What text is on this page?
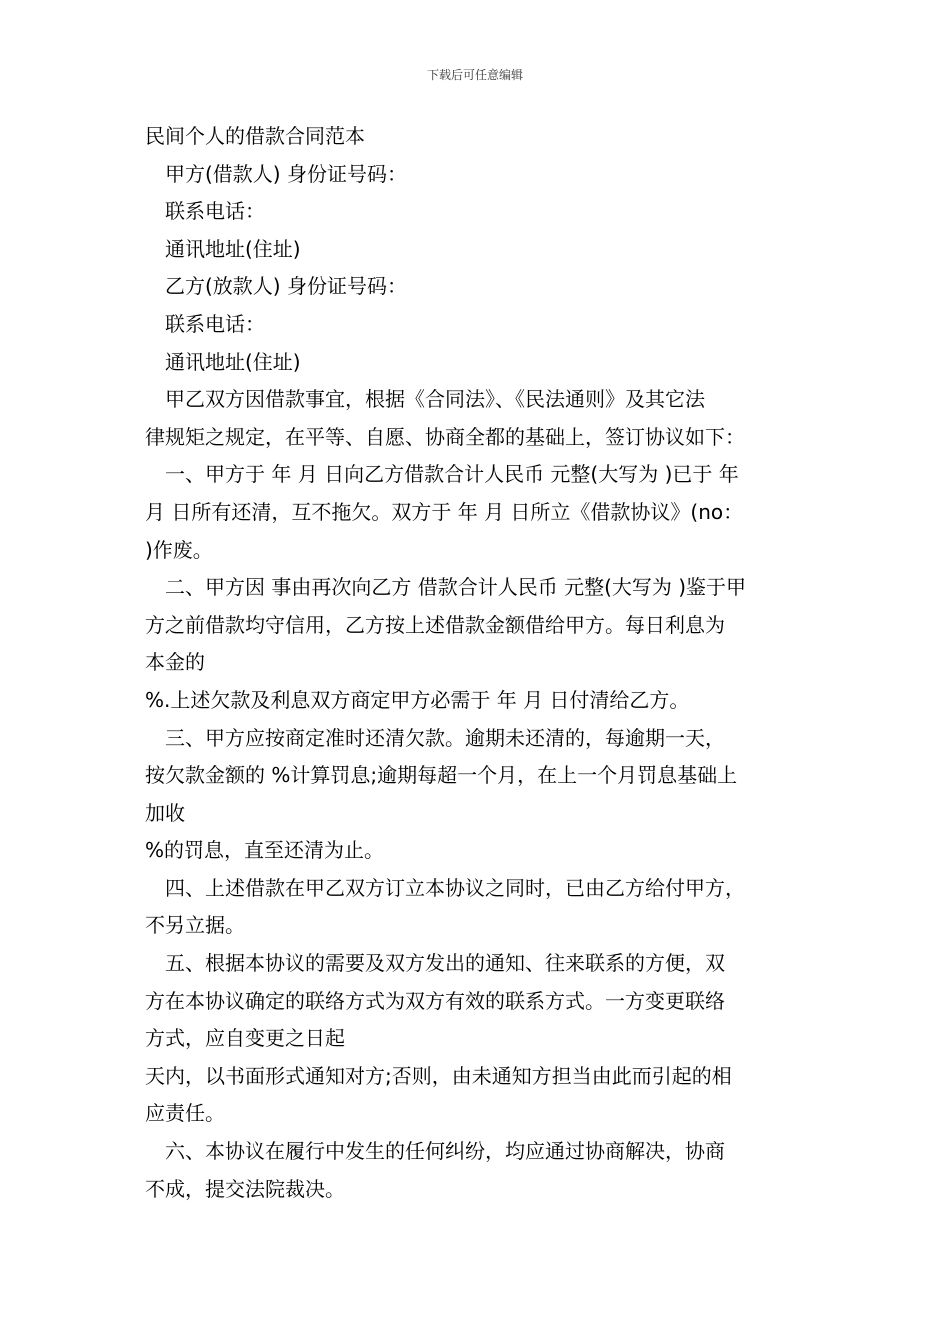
下载后可任意编辑
民间个人的借款合同范本
甲方(借款人) 身份证号码：
联系电话：
通讯地址(住址)
乙方(放款人) 身份证号码：
联系电话：
通讯地址(住址)
甲乙双方因借款事宜，根据《合同法》、《民法通则》及其它法
律规矩之规定，在平等、自愿、协商全都的基础上，签订协议如下：
一、甲方于 年 月 日向乙方借款合计人民币 元整(大写为 )已于 年
月 日所有还清，互不拖欠。双方于 年 月 日所立《借款协议》(no：
)作废。
二、甲方因 事由再次向乙方 借款合计人民币 元整(大写为 )鉴于甲
方之前借款均守信用，乙方按上述借款金额借给甲方。每日利息为
本金的
%.上述欠款及利息双方商定甲方必需于 年 月 日付清给乙方。
三、甲方应按商定准时还清欠款。逾期未还清的，每逾期一天，
按欠款金额的 %计算罚息;逾期每超一个月，在上一个月罚息基础上
加收
%的罚息，直至还清为止。
四、上述借款在甲乙双方订立本协议之同时，已由乙方给付甲方，
不另立据。
五、根据本协议的需要及双方发出的通知、往来联系的方便，双
方在本协议确定的联络方式为双方有效的联系方式。一方变更联络
方式，应自变更之日起
天内，以书面形式通知对方;否则，由未通知方担当由此而引起的相
应责任。
六、本协议在履行中发生的任何纠纷，均应通过协商解决，协商
不成，提交法院裁决。
